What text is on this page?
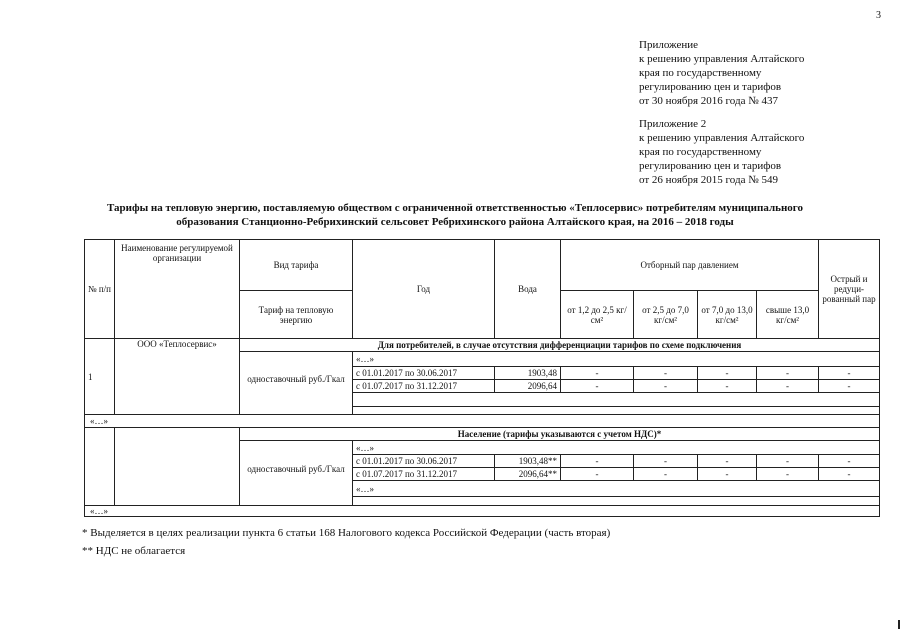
3
Приложение
к решению управления Алтайского
края по государственному
регулированию цен и тарифов
от 30 ноября 2016 года № 437
Приложение 2
к решению управления Алтайского
края по государственному
регулированию цен и тарифов
от 26 ноября 2015 года № 549
Тарифы на тепловую энергию, поставляемую обществом с ограниченной ответственностью «Теплосервис» потребителям муниципального
образования Станционно-Ребрихинский сельсовет Ребрихинского района Алтайского края, на 2016 – 2018 годы
№ п/п	Наименование регулируемой организации	Вид тарифа	Год	Вода	Отборный пар давлением				Острый и редуци-рованный пар
		Тариф на тепловую энергию			от 1,2 до 2,5 кг/см²	от 2,5 до 7,0 кг/см²	от 7,0 до 13,0 кг/см²	свыше 13,0 кг/см²	
1	ООО «Теплосервис»	Для потребителей, в случае отсутствия дифференциации тарифов по схеме подключения							
		одноставочный руб./Гкал	«…»						
			с 01.01.2017 по 30.06.2017	1903,48	-	-	-	-	-
			с 01.07.2017 по 31.12.2017	2096,64	-	-	-	-	-

«…»									
		Население (тарифы указываются с учетом НДС)*							
		одноставочный руб./Гкал	«…»						
			с 01.01.2017 по 30.06.2017	1903,48**	-	-	-	-	-
			с 01.07.2017 по 31.12.2017	2096,64**	-	-	-	-	-
			«…»						

«…»									
* Выделяется в целях реализации пункта 6 статьи 168 Налогового кодекса Российской Федерации (часть вторая)
** НДС не облагается
